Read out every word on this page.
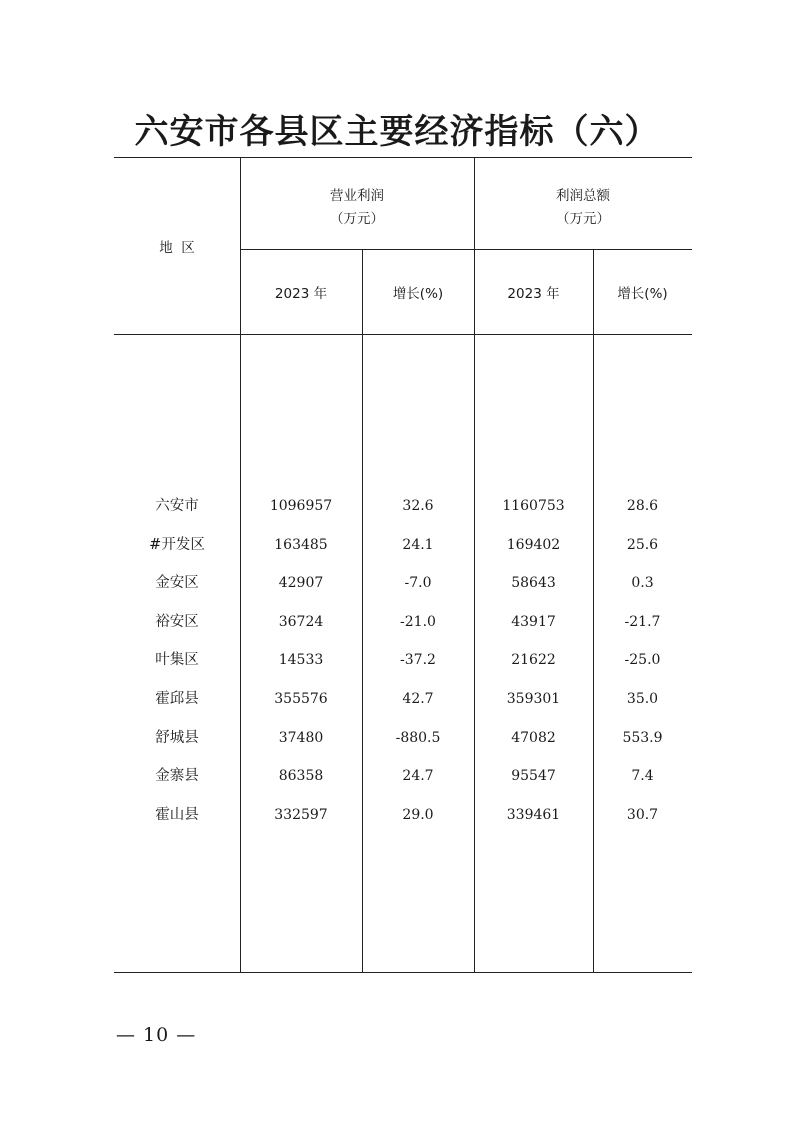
六安市各县区主要经济指标（六）
地  区
营业利润
（万元）
利润总额
（万元）
2023 年	增长(%)	2023 年	增长(%)
六安市	1096957	32.6	1160753	28.6
#开发区	163485	24.1	169402	25.6
金安区	42907	-7.0	58643	0.3
裕安区	36724	-21.0	43917	-21.7
叶集区	14533	-37.2	21622	-25.0
霍邱县	355576	42.7	359301	35.0
舒城县	37480	-880.5	47082	553.9
金寨县	86358	24.7	95547	7.4
霍山县	332597	29.0	339461	30.7
— 10 —
